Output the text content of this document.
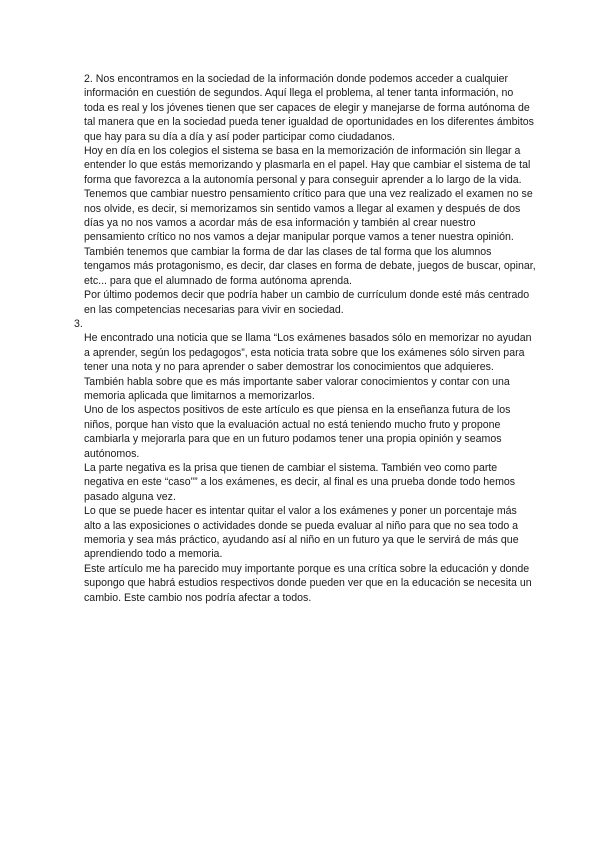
2. Nos encontramos en la sociedad de la información donde podemos acceder a cualquier información en cuestión de segundos. Aquí llega el problema, al tener tanta información, no toda es real y los jóvenes tienen que ser capaces de elegir y manejarse de forma autónoma de tal manera que en la sociedad pueda tener igualdad de oportunidades en los diferentes ámbitos que hay para su día a día y así poder participar como ciudadanos.

Hoy en día en los colegios el sistema se basa en la memorización de información sin llegar a entender lo que estás memorizando y plasmarla en el papel. Hay que cambiar el sistema de tal forma que favorezca a la autonomía personal y para conseguir aprender a lo largo de la vida.

Tenemos que cambiar nuestro pensamiento crítico para que una vez realizado el examen no se nos olvide, es decir, si memorizamos sin sentido vamos a llegar al examen y después de dos días ya no nos vamos a acordar más de esa información y también al crear nuestro pensamiento crítico no nos vamos a dejar manipular porque vamos a tener nuestra opinión.

También tenemos que cambiar la forma de dar las clases de tal forma que los alumnos tengamos más protagonismo, es decir, dar clases en forma de debate, juegos de buscar, opinar, etc... para que el alumnado de forma autónoma aprenda.

Por último podemos decir que podría haber un cambio de currículum donde esté más centrado en las competencias necesarias para vivir en sociedad.

3.

He encontrado una noticia que se llama “Los exámenes basados sólo en memorizar no ayudan a aprender, según los pedagogos”, esta noticia trata sobre que los exámenes sólo sirven para tener una nota y no para aprender o saber demostrar los conocimientos que adquieres. También habla sobre que es más importante saber valorar conocimientos y contar con una memoria aplicada que limitarnos a memorizarlos.

Uno de los aspectos positivos de este artículo es que piensa en la enseñanza futura de los niños, porque han visto que la evaluación actual no está teniendo mucho fruto y propone cambiarla y mejorarla para que en un futuro podamos tener una propia opinión y seamos autónomos.

La parte negativa es la prisa que tienen de cambiar el sistema. También veo como parte negativa en este “caso”” a los exámenes, es decir, al final es una prueba donde todo hemos pasado alguna vez.

Lo que se puede hacer es intentar quitar el valor a los exámenes y poner un porcentaje más alto a las exposiciones o actividades donde se pueda evaluar al niño para que no sea todo a memoria y sea más práctico, ayudando así al niño en un futuro ya que le servirá de más que aprendiendo todo a memoria.

Este artículo me ha parecido muy importante porque es una crítica sobre la educación y donde supongo que habrá estudios respectivos donde pueden ver que en la educación se necesita un cambio. Este cambio nos podría afectar a todos.
